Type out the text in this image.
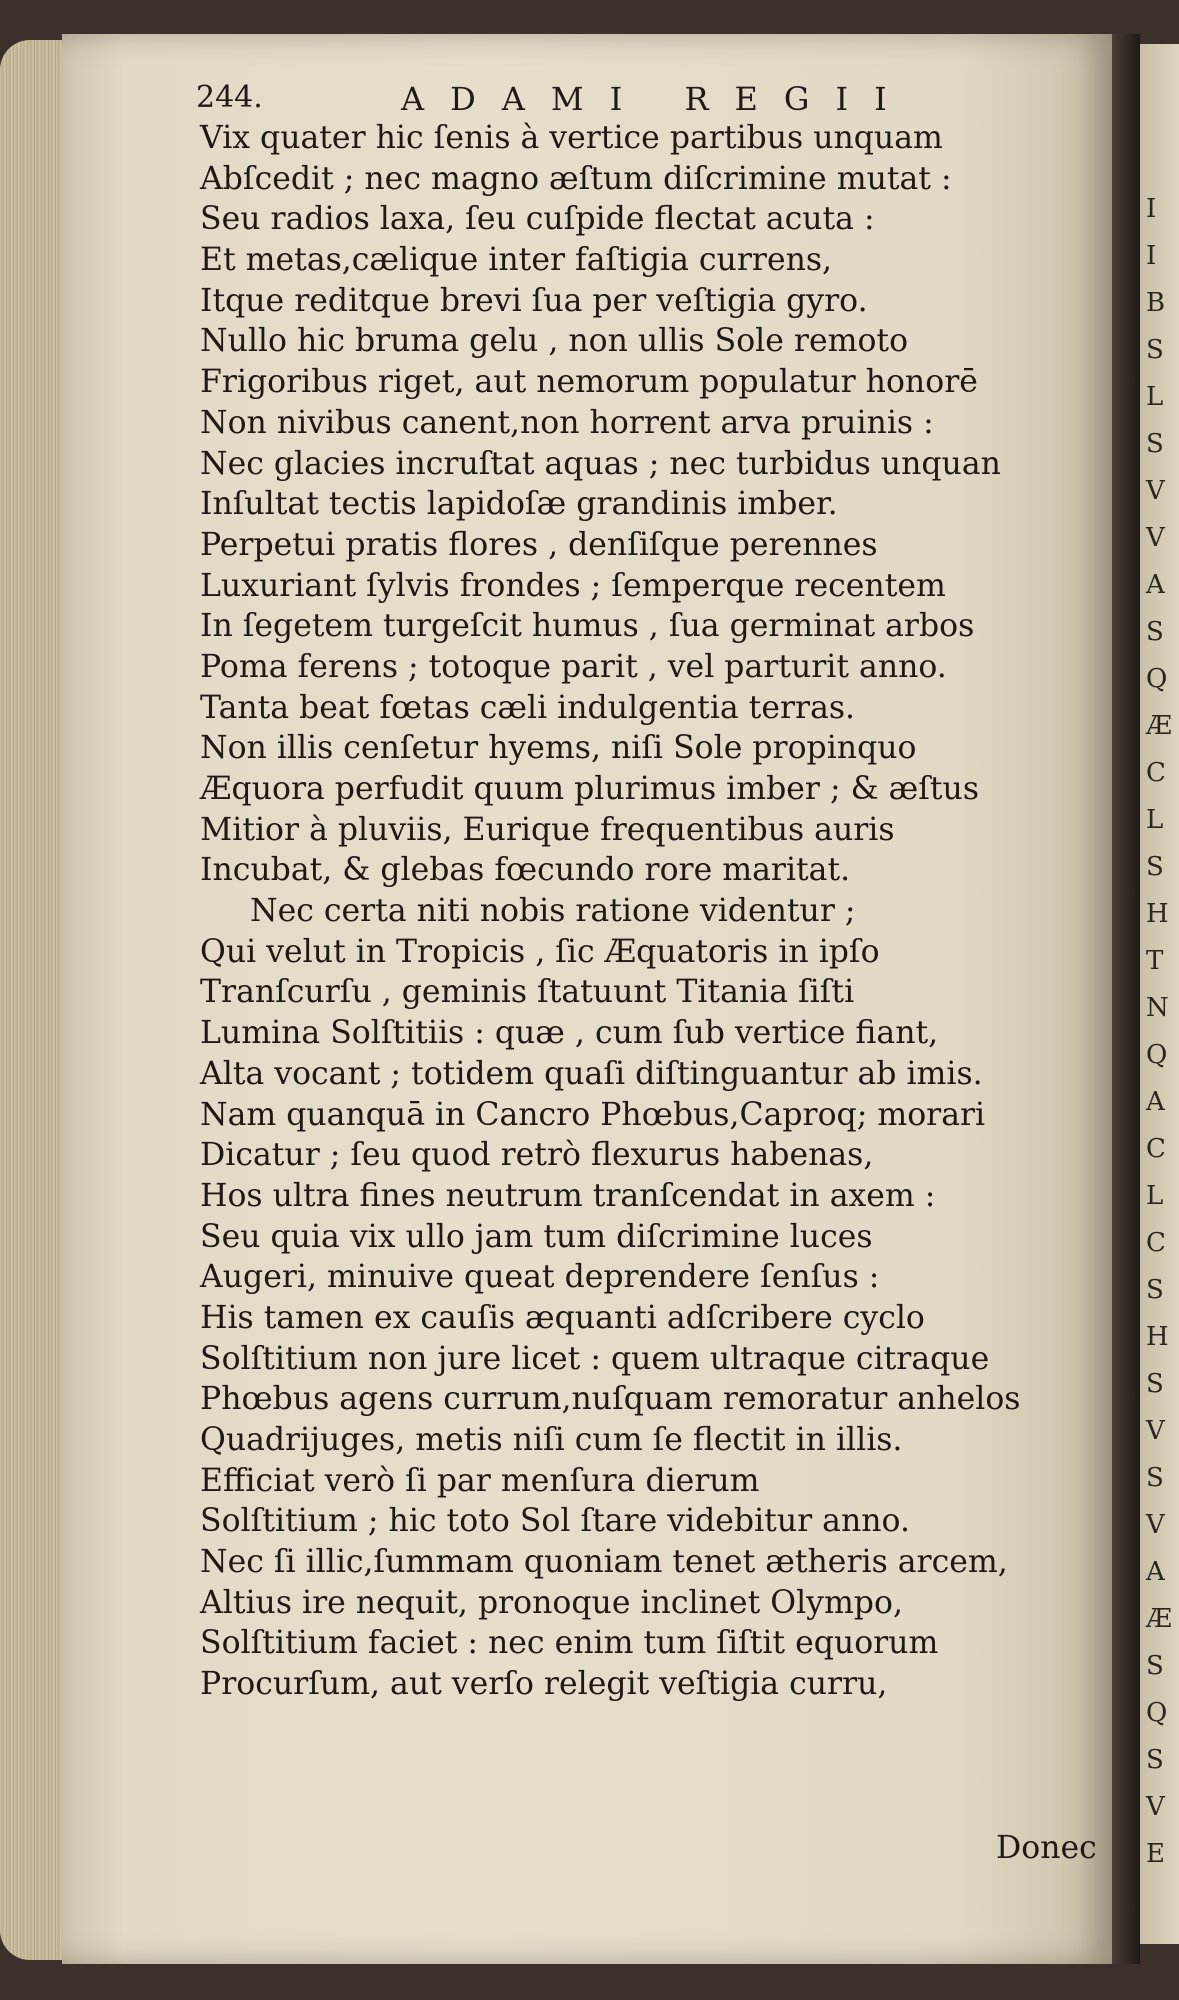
I
I
B
S
L
S
V
V
A
S
Q
Æ
C
L
S
H
T
N
Q
A
C
L
C
S
H
S
V
S
V
A
Æ
S
Q
S
V
E
244.	ADAMI REGII
Vix quater hic ſenis à vertice partibus unquam
Abſcedit ; nec magno æſtum diſcrimine mutat :
Seu radios laxa, ſeu cuſpide flectat acuta :
Et metas,cælique inter faſtigia currens,
Itque reditque brevi ſua per veſtigia gyro.
Nullo hic bruma gelu , non ullis Sole remoto
Frigoribus riget, aut nemorum populatur honorē
Non nivibus canent,non horrent arva pruinis :
Nec glacies incruſtat aquas ; nec turbidus unquan
Inſultat tectis lapidoſæ grandinis imber.
Perpetui pratis flores , denſiſque perennes
Luxuriant ſylvis frondes ; ſemperque recentem
In ſegetem turgeſcit humus , ſua germinat arbos
Poma ferens ; totoque parit , vel parturit anno.
Tanta beat fœtas cæli indulgentia terras.
Non illis cenſetur hyems, niſi Sole propinquo
Æquora perfudit quum plurimus imber ; & æſtus
Mitior à pluviis, Eurique frequentibus auris
Incubat, & glebas fœcundo rore maritat.
Nec certa niti nobis ratione videntur ;
Qui velut in Tropicis , ſic Æquatoris in ipſo
Tranſcurſu , geminis ſtatuunt Titania ſiſti
Lumina Solſtitiis : quæ , cum ſub vertice fiant,
Alta vocant ; totidem quaſi diſtinguantur ab imis.
Nam quanquā in Cancro Phœbus,Caproq; morari
Dicatur ; ſeu quod retrò flexurus habenas,
Hos ultra fines neutrum tranſcendat in axem :
Seu quia vix ullo jam tum diſcrimine luces
Augeri, minuive queat deprendere ſenſus :
His tamen ex cauſis æquanti adſcribere cyclo
Solſtitium non jure licet : quem ultraque citraque
Phœbus agens currum,nuſquam remoratur anhelos
Quadrijuges, metis niſi cum ſe flectit in illis.
Efficiat verò ſi par menſura dierum
Solſtitium ; hic toto Sol ſtare videbitur anno.
Nec ſi illic,ſummam quoniam tenet ætheris arcem,
Altius ire nequit, pronoque inclinet Olympo,
Solſtitium faciet : nec enim tum ſiſtit equorum
Procurſum, aut verſo relegit veſtigia curru,
Donec
